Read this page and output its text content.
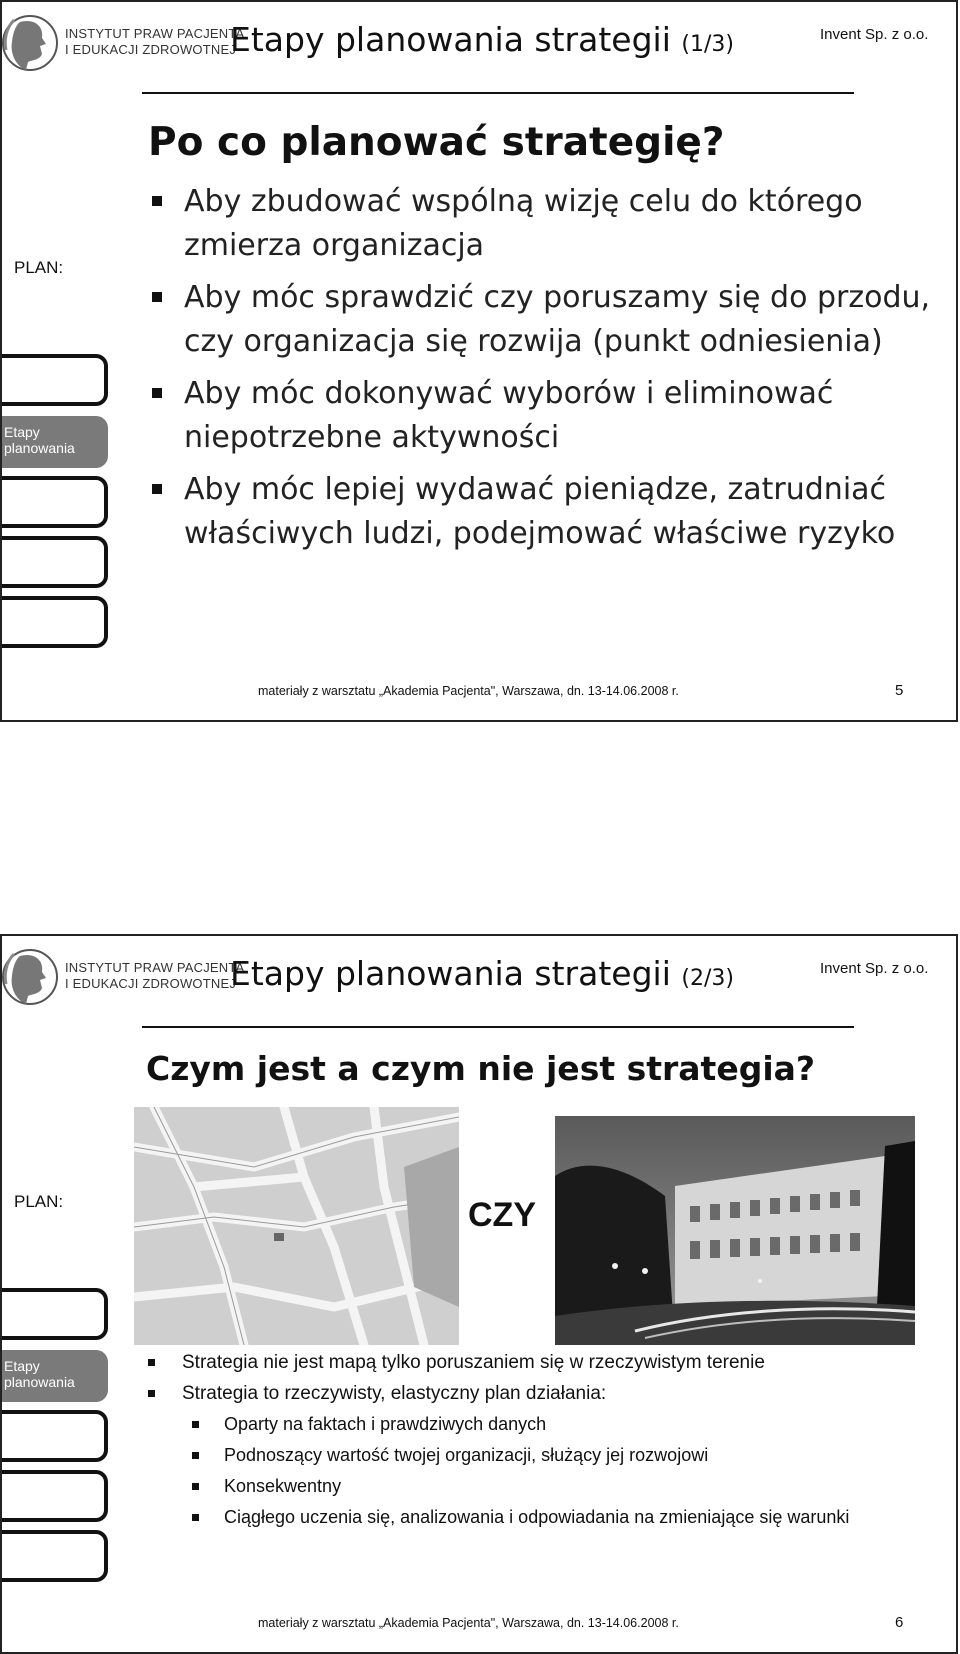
INSTYTUT PRAW PACJENTA
I EDUKACJI ZDROWOTNEJ
Etapy planowania strategii (1/3)	Invent Sp. z o.o.
PLAN:
Etapy planowania
Po co planować strategię?
Aby zbudować wspólną wizję celu do którego zmierza organizacja
Aby móc sprawdzić czy poruszamy się do przodu, czy organizacja się rozwija (punkt odniesienia)
Aby móc dokonywać wyborów i eliminować niepotrzebne aktywności
Aby móc lepiej wydawać pieniądze, zatrudniać właściwych ludzi, podejmować właściwe ryzyko
materiały z warsztatu „Akademia Pacjenta", Warszawa, dn. 13-14.06.2008 r.	5
INSTYTUT PRAW PACJENTA
I EDUKACJI ZDROWOTNEJ
Etapy planowania strategii (2/3)	Invent Sp. z o.o.
PLAN:
Etapy planowania
materiały z warsztatu „Akademia Pacjenta", Warszawa, dn. 13-14.06.2008 r.	6
Czym jest a czym nie jest strategia?
CZY
Strategia nie jest mapą tylko poruszaniem się w rzeczywistym terenie
Strategia to rzeczywisty, elastyczny plan działania:
Oparty na faktach i prawdziwych danych
Podnoszący wartość twojej organizacji, służący jej rozwojowi
Konsekwentny
Ciągłego uczenia się, analizowania i odpowiadania na zmieniające się warunki
